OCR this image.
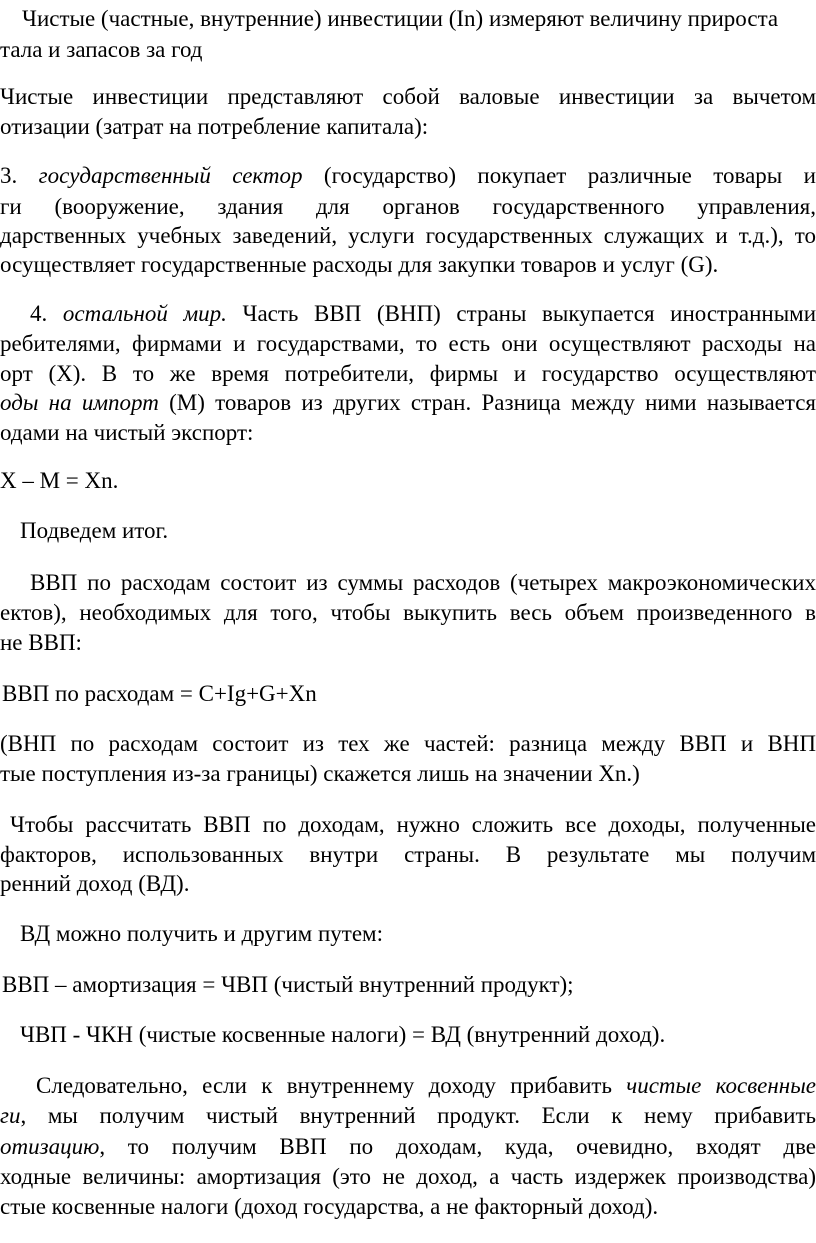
Чистые (частные, внутренние) инвестиции (In) измеряют величину прироста
тала и запасов за год
Чистые инвестиции представляют собой валовые инвестиции за вычетом
отизации (затрат на потребление капитала):
3. государственный сектор (государство) покупает различные товары и
ги (вооружение, здания для органов государственного управления,
дарственных учебных заведений, услуги государственных служащих и т.д.), то
осуществляет государственные расходы для закупки товаров и услуг (G).
4. остальной мир. Часть ВВП (ВНП) страны выкупается иностранными
ребителями, фирмами и государствами, то есть они осуществляют расходы на
орт (X). В то же время потребители, фирмы и государство осуществляют
оды на импорт (M) товаров из других стран. Разница между ними называется
одами на чистый экспорт:
X – M = Xn.
Подведем итог.
ВВП по расходам состоит из суммы расходов (четырех макроэкономических
ектов), необходимых для того, чтобы выкупить весь объем произведенного в
не ВВП:
ВВП по расходам = C+Ig+G+Xn
(ВНП по расходам состоит из тех же частей: разница между ВВП и ВНП
тые поступления из-за границы) скажется лишь на значении Xn.)
Чтобы рассчитать ВВП по доходам, нужно сложить все доходы, полученные
факторов, использованных внутри страны. В результате мы получим
ренний доход (ВД).
ВД можно получить и другим путем:
ВВП – амортизация = ЧВП (чистый внутренний продукт);
ЧВП - ЧКН (чистые косвенные налоги) = ВД (внутренний доход).
Следовательно, если к внутреннему доходу прибавить чистые косвенные
ги, мы получим чистый внутренний продукт. Если к нему прибавить
отизацию, то получим ВВП по доходам, куда, очевидно, входят две
ходные величины: амортизация (это не доход, а часть издержек производства)
стые косвенные налоги (доход государства, а не факторный доход).
